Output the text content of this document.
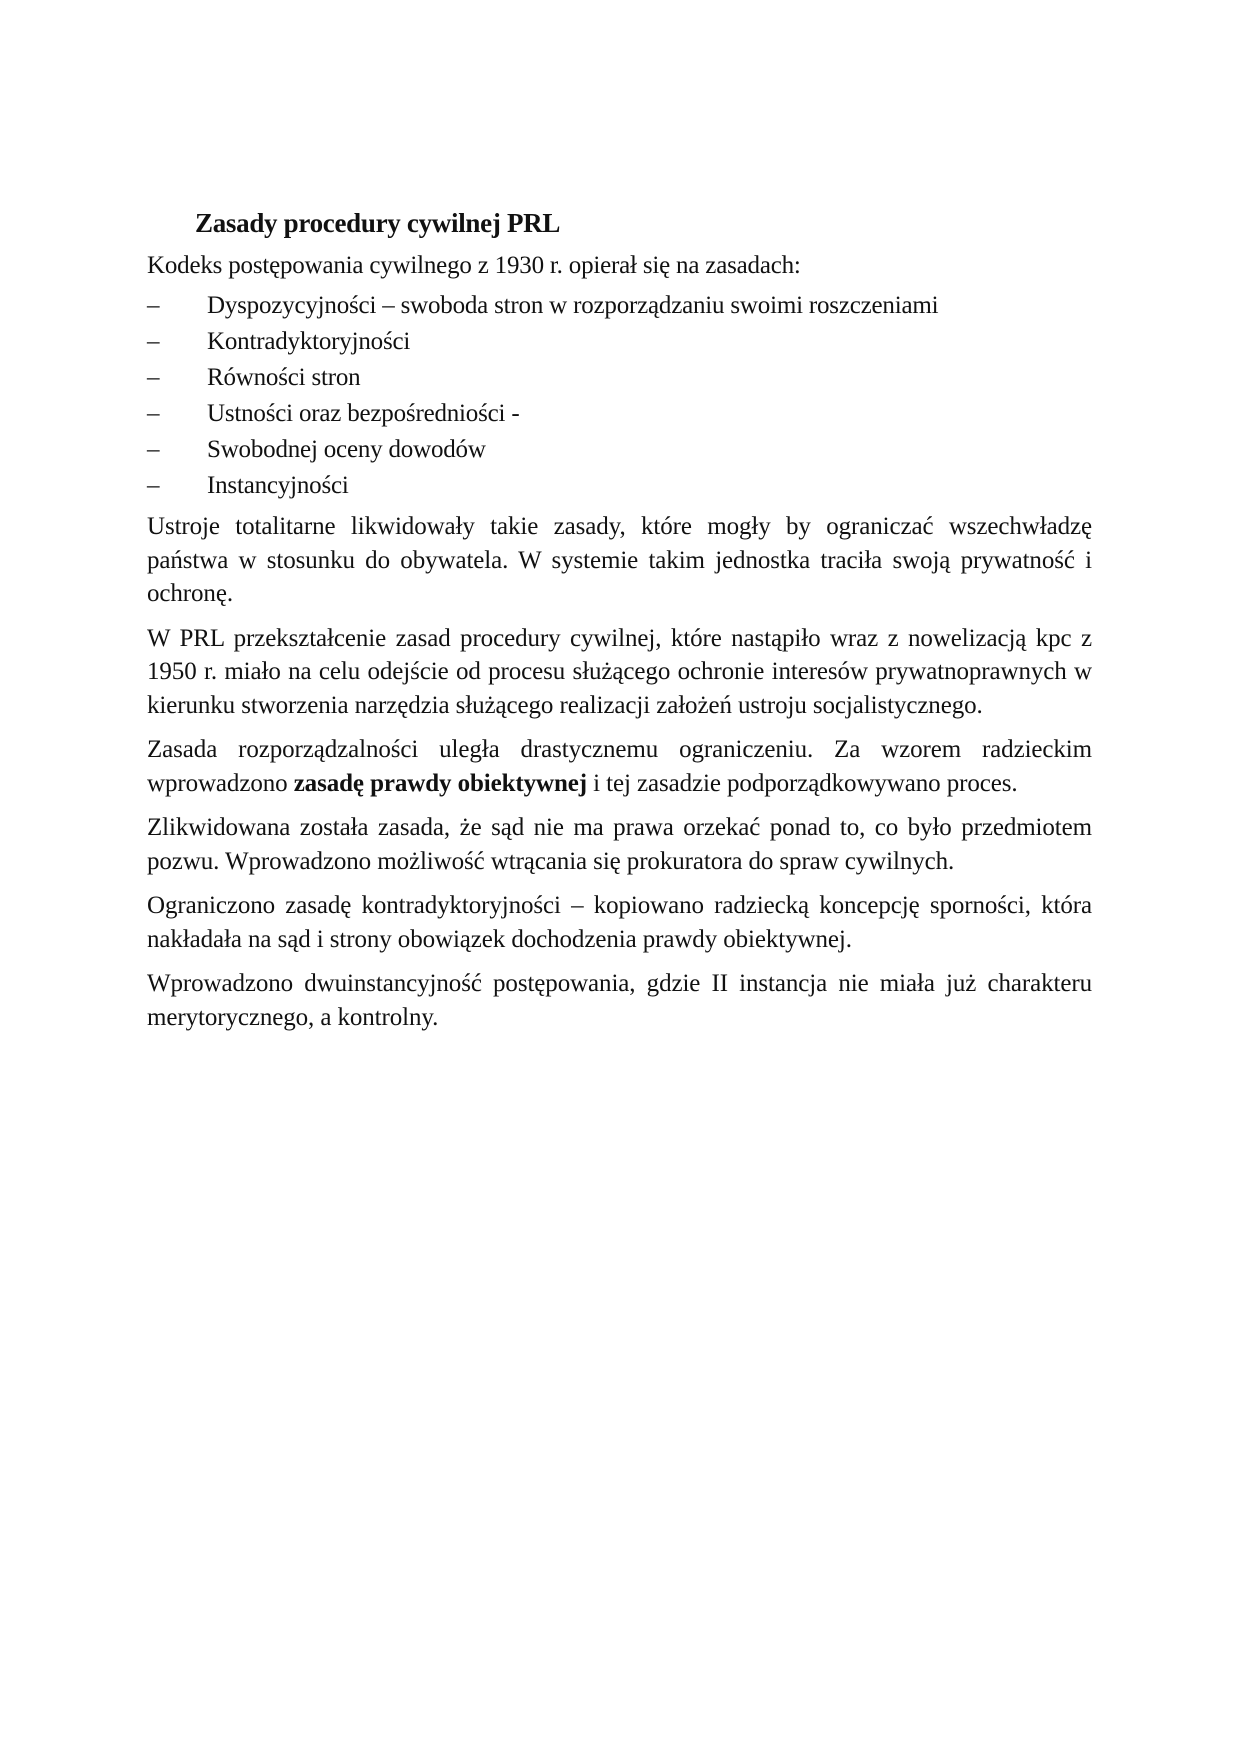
Zasady procedury cywilnej PRL

Kodeks postępowania cywilnego z 1930 r. opierał się na zasadach:

–	Dyspozycyjności – swoboda stron w rozporządzaniu swoimi roszczeniami
–	Kontradyktoryjności
–	Równości stron
–	Ustności oraz bezpośredniości -
–	Swobodnej oceny dowodów
–	Instancyjności

Ustroje totalitarne likwidowały takie zasady, które mogły by ograniczać wszechwładzę państwa w stosunku do obywatela. W systemie takim jednostka traciła swoją prywatność i ochronę.

W PRL przekształcenie zasad procedury cywilnej, które nastąpiło wraz z nowelizacją kpc z 1950 r. miało na celu odejście od procesu służącego ochronie interesów prywatnoprawnych w kierunku stworzenia narzędzia służącego realizacji założeń ustroju socjalistycznego.

Zasada rozporządzalności uległa drastycznemu ograniczeniu. Za wzorem radzieckim wprowadzono zasadę prawdy obiektywnej i tej zasadzie podporządkowywano proces.

Zlikwidowana została zasada, że sąd nie ma prawa orzekać ponad to, co było przedmiotem pozwu. Wprowadzono możliwość wtrącania się prokuratora do spraw cywilnych.

Ograniczono zasadę kontradyktoryjności – kopiowano radziecką koncepcję sporności, która nakładała na sąd i strony obowiązek dochodzenia prawdy obiektywnej.

Wprowadzono dwuinstancyjność postępowania, gdzie II instancja nie miała już charakteru merytorycznego, a kontrolny.
